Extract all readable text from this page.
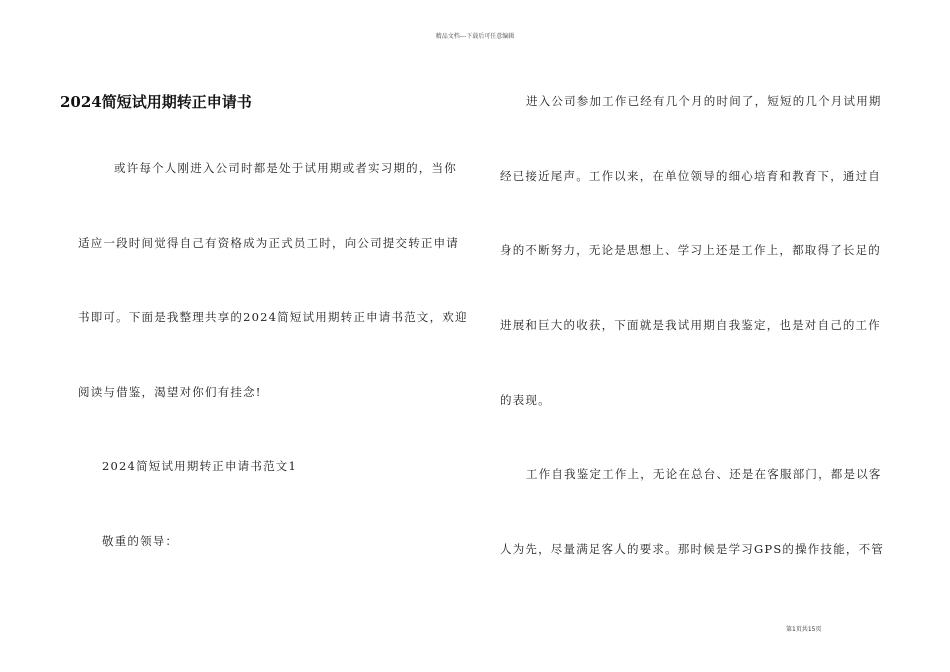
精品文档---下载后可任意编辑
2024简短试用期转正申请书
或许每个人刚进入公司时都是处于试用期或者实习期的，当你
适应一段时间觉得自己有资格成为正式员工时，向公司提交转正申请
书即可。下面是我整理共享的2024简短试用期转正申请书范文，欢迎
阅读与借鉴，渴望对你们有挂念!
2024简短试用期转正申请书范文1
敬重的领导：
进入公司参加工作已经有几个月的时间了，短短的几个月试用期
经已接近尾声。工作以来，在单位领导的细心培育和教育下，通过自
身的不断努力，无论是思想上、学习上还是工作上，都取得了长足的
进展和巨大的收获，下面就是我试用期自我鉴定，也是对自己的工作
的表现。
工作自我鉴定工作上，无论在总台、还是在客服部门，都是以客
人为先，尽量满足客人的要求。那时候是学习GPS的操作技能，不管
第1页共15页
